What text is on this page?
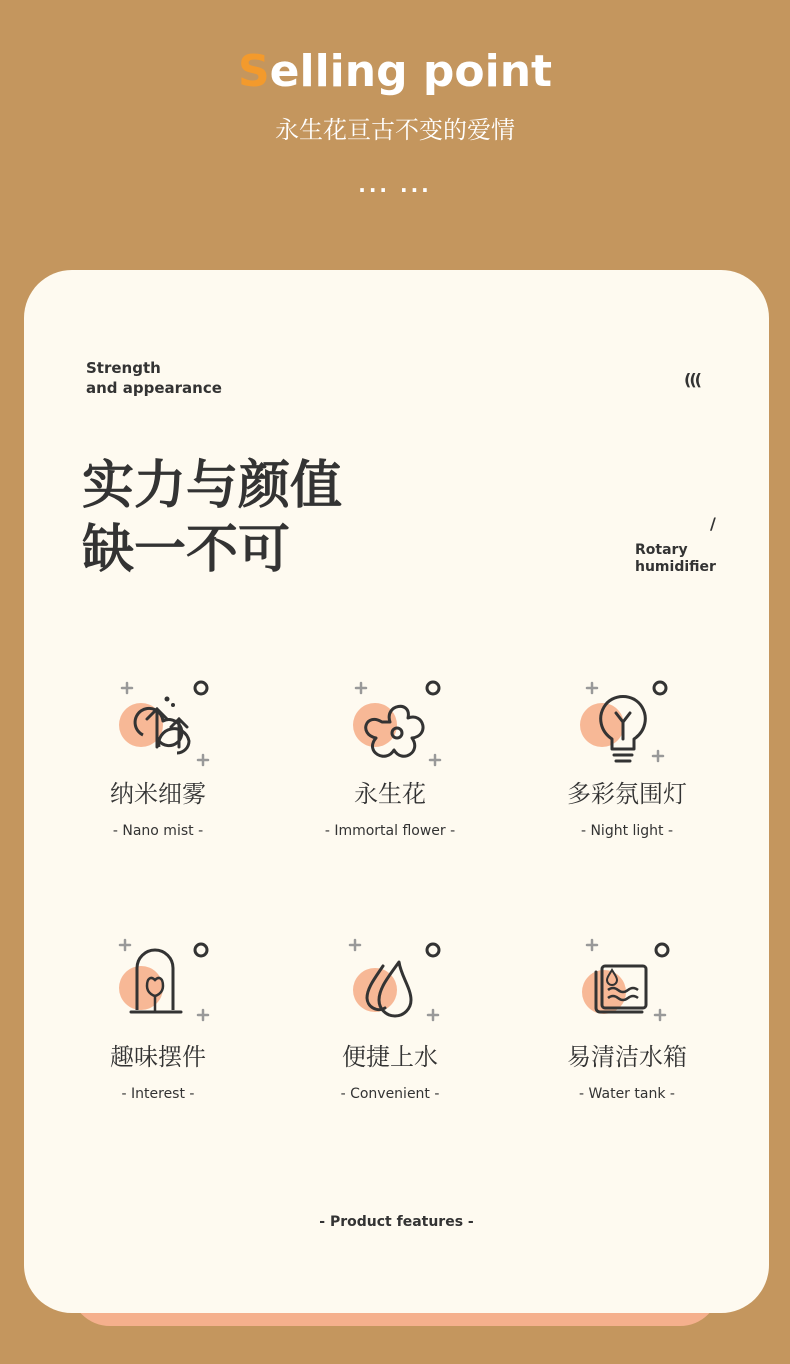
Selling point
永生花亘古不变的爱情
··· ···
Strength
and appearance	(((
实力与颜值
缺一不可	/
Rotary
humidifier
纳米细雾
- Nano mist -
永生花
- Immortal flower -
多彩氛围灯
- Night light -
趣味摆件
- Interest -
便捷上水
- Convenient -
易清洁水箱
- Water tank -
- Product features -
